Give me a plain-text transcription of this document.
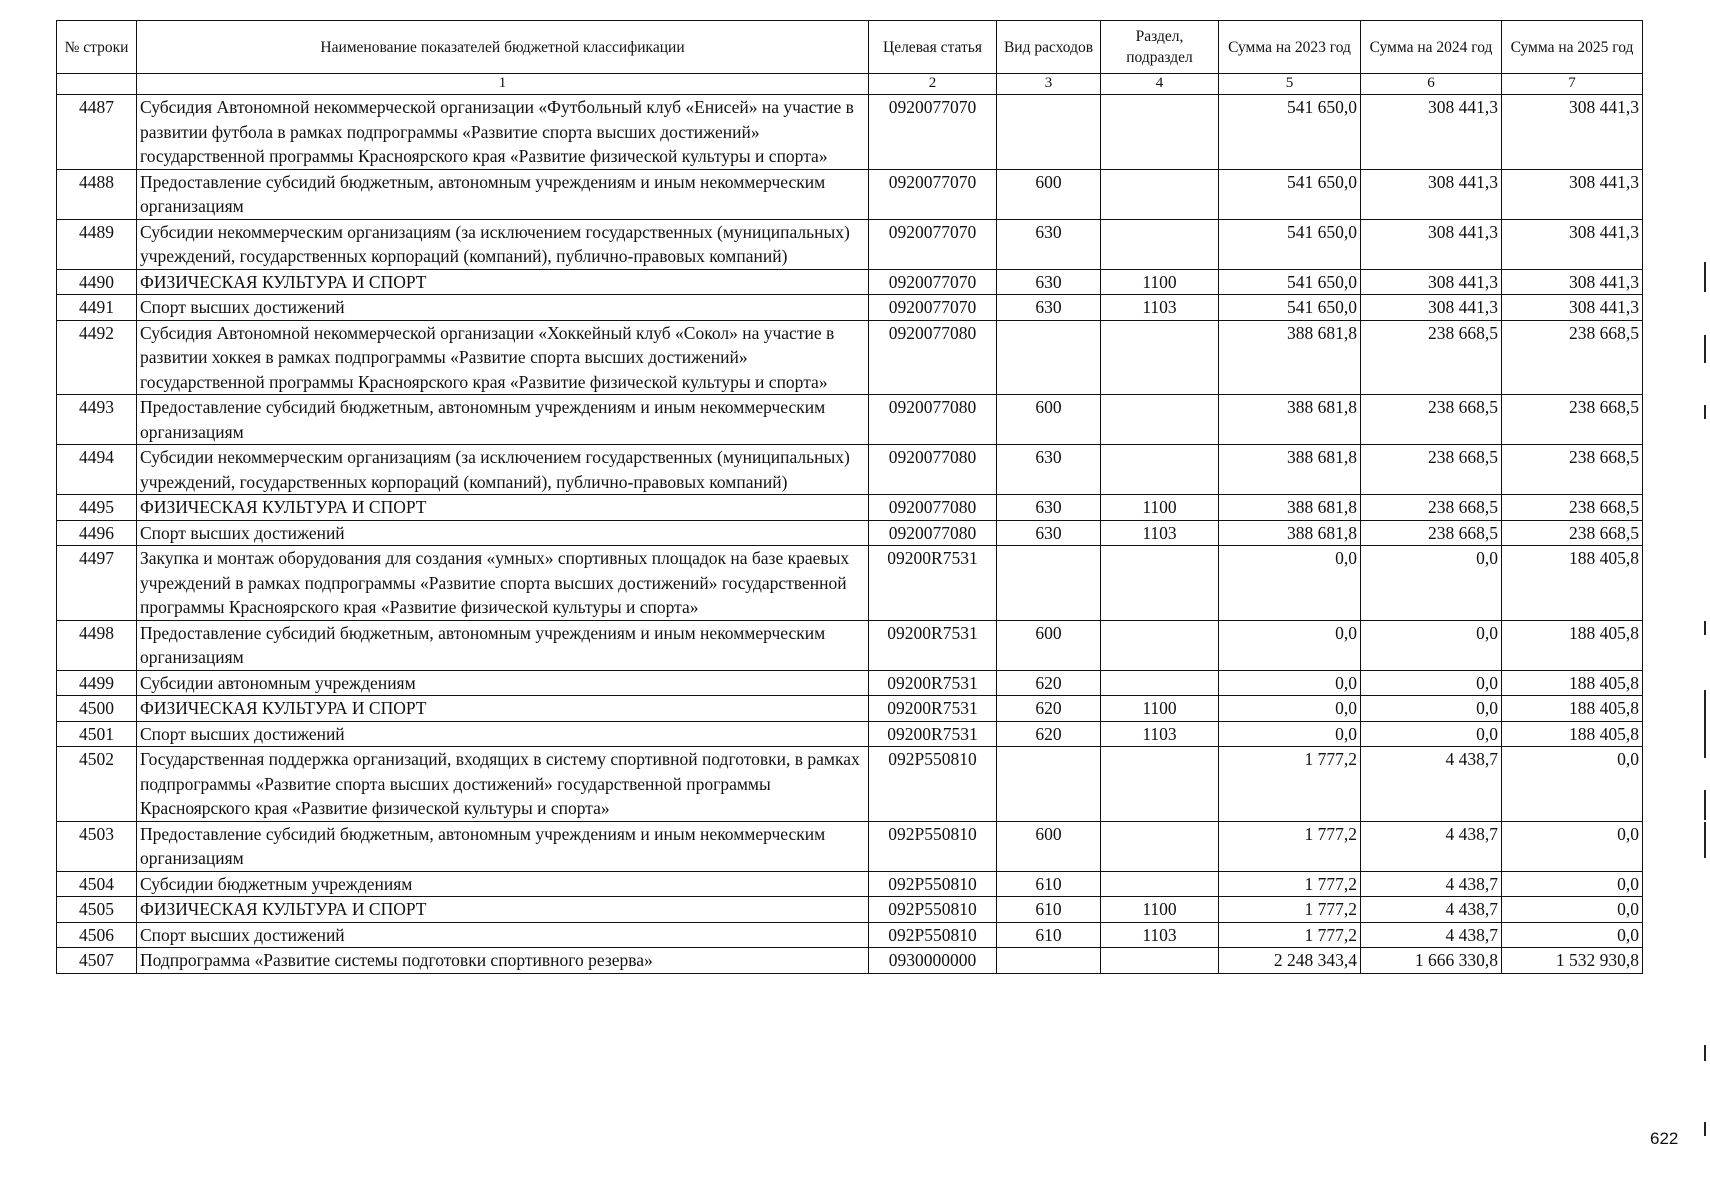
№ строки	Наименование показателей бюджетной классификации	Целевая статья	Вид расходов	Раздел, подраздел	Сумма на 2023 год	Сумма на 2024 год	Сумма на 2025 год
	1	2	3	4	5	6	7
4487	Субсидия Автономной некоммерческой организации «Футбольный клуб «Енисей» на участие в развитии футбола в рамках подпрограммы «Развитие спорта высших достижений» государственной программы Красноярского края «Развитие физической культуры и спорта»	0920077070			541 650,0	308 441,3	308 441,3
4488	Предоставление субсидий бюджетным, автономным учреждениям и иным некоммерческим организациям	0920077070	600		541 650,0	308 441,3	308 441,3
4489	Субсидии некоммерческим организациям (за исключением государственных (муниципальных) учреждений, государственных корпораций (компаний), публично-правовых компаний)	0920077070	630		541 650,0	308 441,3	308 441,3
4490	ФИЗИЧЕСКАЯ КУЛЬТУРА И СПОРТ	0920077070	630	1100	541 650,0	308 441,3	308 441,3
4491	Спорт высших достижений	0920077070	630	1103	541 650,0	308 441,3	308 441,3
4492	Субсидия Автономной некоммерческой организации «Хоккейный клуб «Сокол» на участие в развитии хоккея в рамках подпрограммы «Развитие спорта высших достижений» государственной программы Красноярского края «Развитие физической культуры и спорта»	0920077080			388 681,8	238 668,5	238 668,5
4493	Предоставление субсидий бюджетным, автономным учреждениям и иным некоммерческим организациям	0920077080	600		388 681,8	238 668,5	238 668,5
4494	Субсидии некоммерческим организациям (за исключением государственных (муниципальных) учреждений, государственных корпораций (компаний), публично-правовых компаний)	0920077080	630		388 681,8	238 668,5	238 668,5
4495	ФИЗИЧЕСКАЯ КУЛЬТУРА И СПОРТ	0920077080	630	1100	388 681,8	238 668,5	238 668,5
4496	Спорт высших достижений	0920077080	630	1103	388 681,8	238 668,5	238 668,5
4497	Закупка и монтаж оборудования для создания «умных» спортивных площадок на базе краевых учреждений в рамках подпрограммы «Развитие спорта высших достижений» государственной программы Красноярского края «Развитие физической культуры и спорта»	09200R7531			0,0	0,0	188 405,8
4498	Предоставление субсидий бюджетным, автономным учреждениям и иным некоммерческим организациям	09200R7531	600		0,0	0,0	188 405,8
4499	Субсидии автономным учреждениям	09200R7531	620		0,0	0,0	188 405,8
4500	ФИЗИЧЕСКАЯ КУЛЬТУРА И СПОРТ	09200R7531	620	1100	0,0	0,0	188 405,8
4501	Спорт высших достижений	09200R7531	620	1103	0,0	0,0	188 405,8
4502	Государственная поддержка организаций, входящих в систему спортивной подготовки, в рамках подпрограммы «Развитие спорта высших достижений» государственной программы Красноярского края «Развитие физической культуры и спорта»	092P550810			1 777,2	4 438,7	0,0
4503	Предоставление субсидий бюджетным, автономным учреждениям и иным некоммерческим организациям	092P550810	600		1 777,2	4 438,7	0,0
4504	Субсидии бюджетным учреждениям	092P550810	610		1 777,2	4 438,7	0,0
4505	ФИЗИЧЕСКАЯ КУЛЬТУРА И СПОРТ	092P550810	610	1100	1 777,2	4 438,7	0,0
4506	Спорт высших достижений	092P550810	610	1103	1 777,2	4 438,7	0,0
4507	Подпрограмма «Развитие системы подготовки спортивного резерва»	0930000000			2 248 343,4	1 666 330,8	1 532 930,8
622
